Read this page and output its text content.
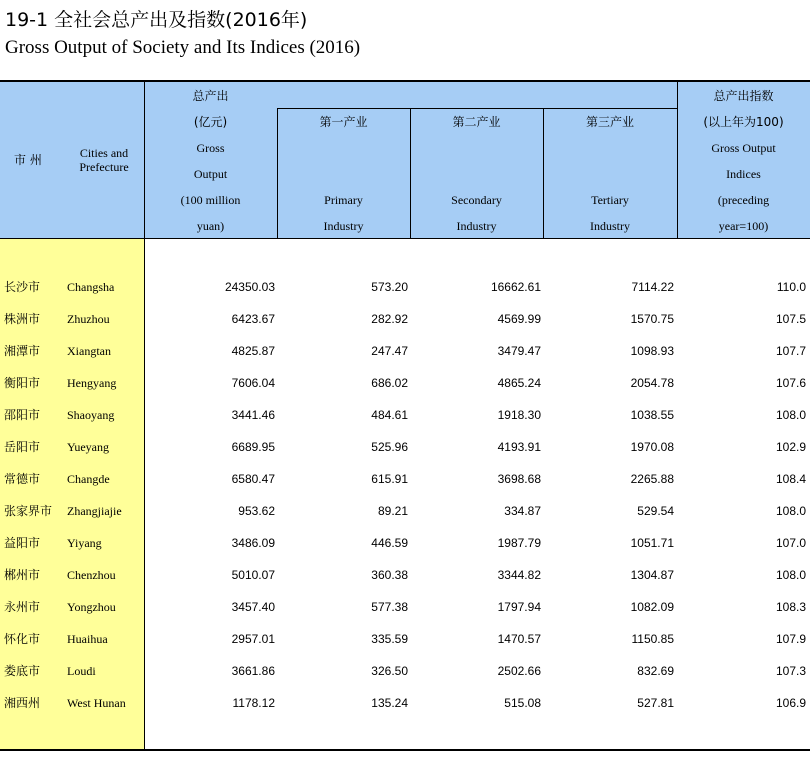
19-1 全社会总产出及指数(2016年)
Gross Output of Society and Its Indices (2016)
市 州	Cities and
Prefecture
总产出
(亿元)
Gross
Output
(100 million
yuan)
第一产业
Primary
Industry
第二产业
Secondary
Industry
第三产业
Tertiary
Industry
总产出指数
(以上年为100)
Gross Output
Indices
(preceding
year=100)
长沙市 Changsha	24350.03	573.20	16662.61	7114.22	110.0
株洲市 Zhuzhou	6423.67	282.92	4569.99	1570.75	107.5
湘潭市 Xiangtan	4825.87	247.47	3479.47	1098.93	107.7
衡阳市 Hengyang	7606.04	686.02	4865.24	2054.78	107.6
邵阳市 Shaoyang	3441.46	484.61	1918.30	1038.55	108.0
岳阳市 Yueyang	6689.95	525.96	4193.91	1970.08	102.9
常德市 Changde	6580.47	615.91	3698.68	2265.88	108.4
张家界市 Zhangjiajie	953.62	89.21	334.87	529.54	108.0
益阳市 Yiyang	3486.09	446.59	1987.79	1051.71	107.0
郴州市 Chenzhou	5010.07	360.38	3344.82	1304.87	108.0
永州市 Yongzhou	3457.40	577.38	1797.94	1082.09	108.3
怀化市 Huaihua	2957.01	335.59	1470.57	1150.85	107.9
娄底市 Loudi	3661.86	326.50	2502.66	832.69	107.3
湘西州 West Hunan	1178.12	135.24	515.08	527.81	106.9
